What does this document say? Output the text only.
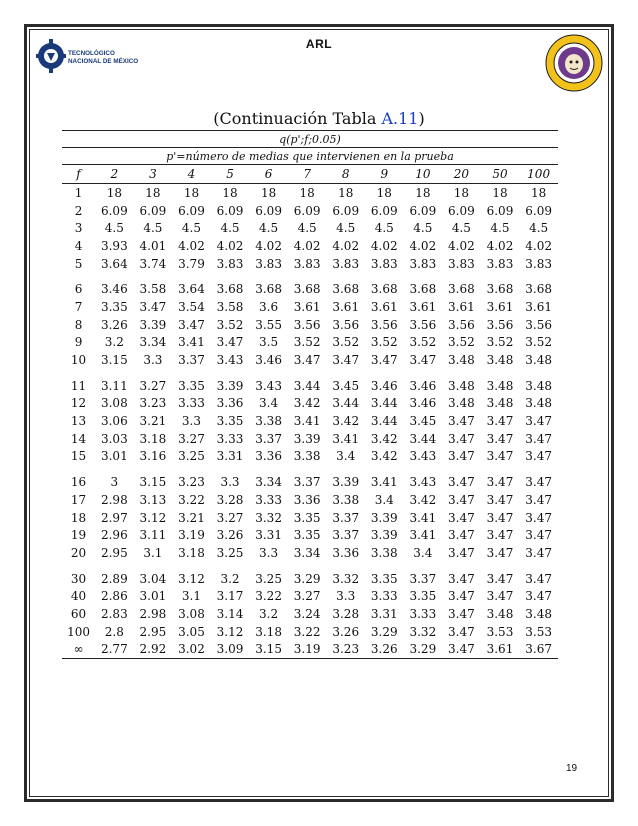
TECNOLÓGICO
NACIONAL DE MÉXICO
ARL
(Continuación Tabla A.11)
q(p';f;0.05)												
p'=número de medias que intervienen en la prueba												
f	2	3	4	5	6	7	8	9	10	20	50	100
1	18	18	18	18	18	18	18	18	18	18	18	18
2	6.09	6.09	6.09	6.09	6.09	6.09	6.09	6.09	6.09	6.09	6.09	6.09
3	4.5	4.5	4.5	4.5	4.5	4.5	4.5	4.5	4.5	4.5	4.5	4.5
4	3.93	4.01	4.02	4.02	4.02	4.02	4.02	4.02	4.02	4.02	4.02	4.02
5	3.64	3.74	3.79	3.83	3.83	3.83	3.83	3.83	3.83	3.83	3.83	3.83

6	3.46	3.58	3.64	3.68	3.68	3.68	3.68	3.68	3.68	3.68	3.68	3.68
7	3.35	3.47	3.54	3.58	3.6	3.61	3.61	3.61	3.61	3.61	3.61	3.61
8	3.26	3.39	3.47	3.52	3.55	3.56	3.56	3.56	3.56	3.56	3.56	3.56
9	3.2	3.34	3.41	3.47	3.5	3.52	3.52	3.52	3.52	3.52	3.52	3.52
10	3.15	3.3	3.37	3.43	3.46	3.47	3.47	3.47	3.47	3.48	3.48	3.48

11	3.11	3.27	3.35	3.39	3.43	3.44	3.45	3.46	3.46	3.48	3.48	3.48
12	3.08	3.23	3.33	3.36	3.4	3.42	3.44	3.44	3.46	3.48	3.48	3.48
13	3.06	3.21	3.3	3.35	3.38	3.41	3.42	3.44	3.45	3.47	3.47	3.47
14	3.03	3.18	3.27	3.33	3.37	3.39	3.41	3.42	3.44	3.47	3.47	3.47
15	3.01	3.16	3.25	3.31	3.36	3.38	3.4	3.42	3.43	3.47	3.47	3.47

16	3	3.15	3.23	3.3	3.34	3.37	3.39	3.41	3.43	3.47	3.47	3.47
17	2.98	3.13	3.22	3.28	3.33	3.36	3.38	3.4	3.42	3.47	3.47	3.47
18	2.97	3.12	3.21	3.27	3.32	3.35	3.37	3.39	3.41	3.47	3.47	3.47
19	2.96	3.11	3.19	3.26	3.31	3.35	3.37	3.39	3.41	3.47	3.47	3.47
20	2.95	3.1	3.18	3.25	3.3	3.34	3.36	3.38	3.4	3.47	3.47	3.47

30	2.89	3.04	3.12	3.2	3.25	3.29	3.32	3.35	3.37	3.47	3.47	3.47
40	2.86	3.01	3.1	3.17	3.22	3.27	3.3	3.33	3.35	3.47	3.47	3.47
60	2.83	2.98	3.08	3.14	3.2	3.24	3.28	3.31	3.33	3.47	3.48	3.48
100	2.8	2.95	3.05	3.12	3.18	3.22	3.26	3.29	3.32	3.47	3.53	3.53
∞	2.77	2.92	3.02	3.09	3.15	3.19	3.23	3.26	3.29	3.47	3.61	3.67
19
